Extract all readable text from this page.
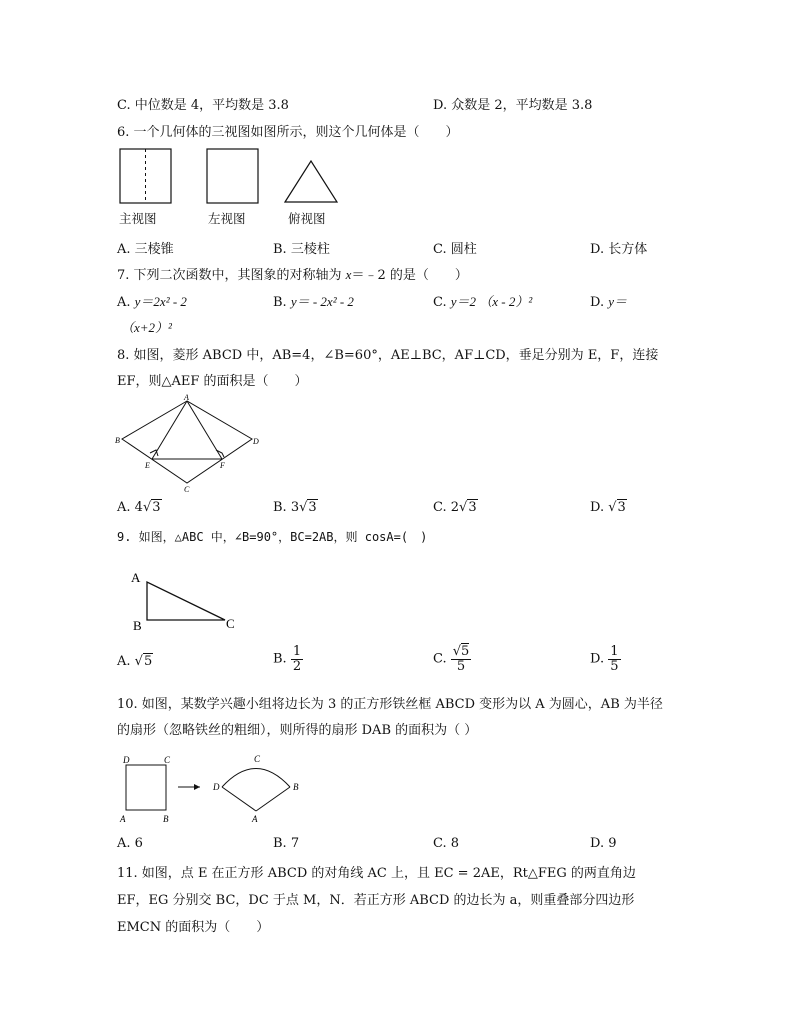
C. 中位数是 4，平均数是 3.8	D. 众数是 2，平均数是 3.8
6. 一个几何体的三视图如图所示，则这个几何体是（　　）
主视图	左视图	俯视图
A. 三棱锥	B. 三棱柱	C. 圆柱	D. 长方体
7. 下列二次函数中，其图象的对称轴为 x＝﹣2 的是（　　）
A. y＝2x² - 2	B. y＝ - 2x² - 2	C. y＝2 （x - 2）²	D. y＝
（x+2）²
8. 如图，菱形 ABCD 中，AB=4，∠B=60°，AE⊥BC，AF⊥CD，垂足分别为 E，F，连接
EF，则△AEF 的面积是（　　）
A
B	D
C
E	F
A. 4√3	B. 3√3	C. 2√3	D. √3
9. 如图，△ABC 中，∠B=90°，BC=2AB，则 cosA=(　)
A
B	C
A. √5	B. $\frac{1}{2}$	C. $\frac{√5}{5}$	D. $\frac{1}{5}$
10. 如图，某数学兴趣小组将边长为 3 的正方形铁丝框 ABCD 变形为以 A 为圆心，AB 为半径
的扇形（忽略铁丝的粗细），则所得的扇形 DAB 的面积为（ ）
D	C
A	B
D
C
B
A
A. 6	B. 7	C. 8	D. 9
11. 如图，点 E 在正方形 ABCD 的对角线 AC 上，且 EC = 2AE，Rt△FEG 的两直角边
EF，EG 分别交 BC，DC 于点 M，N．若正方形 ABCD 的边长为 a，则重叠部分四边形
EMCN 的面积为（　　）
